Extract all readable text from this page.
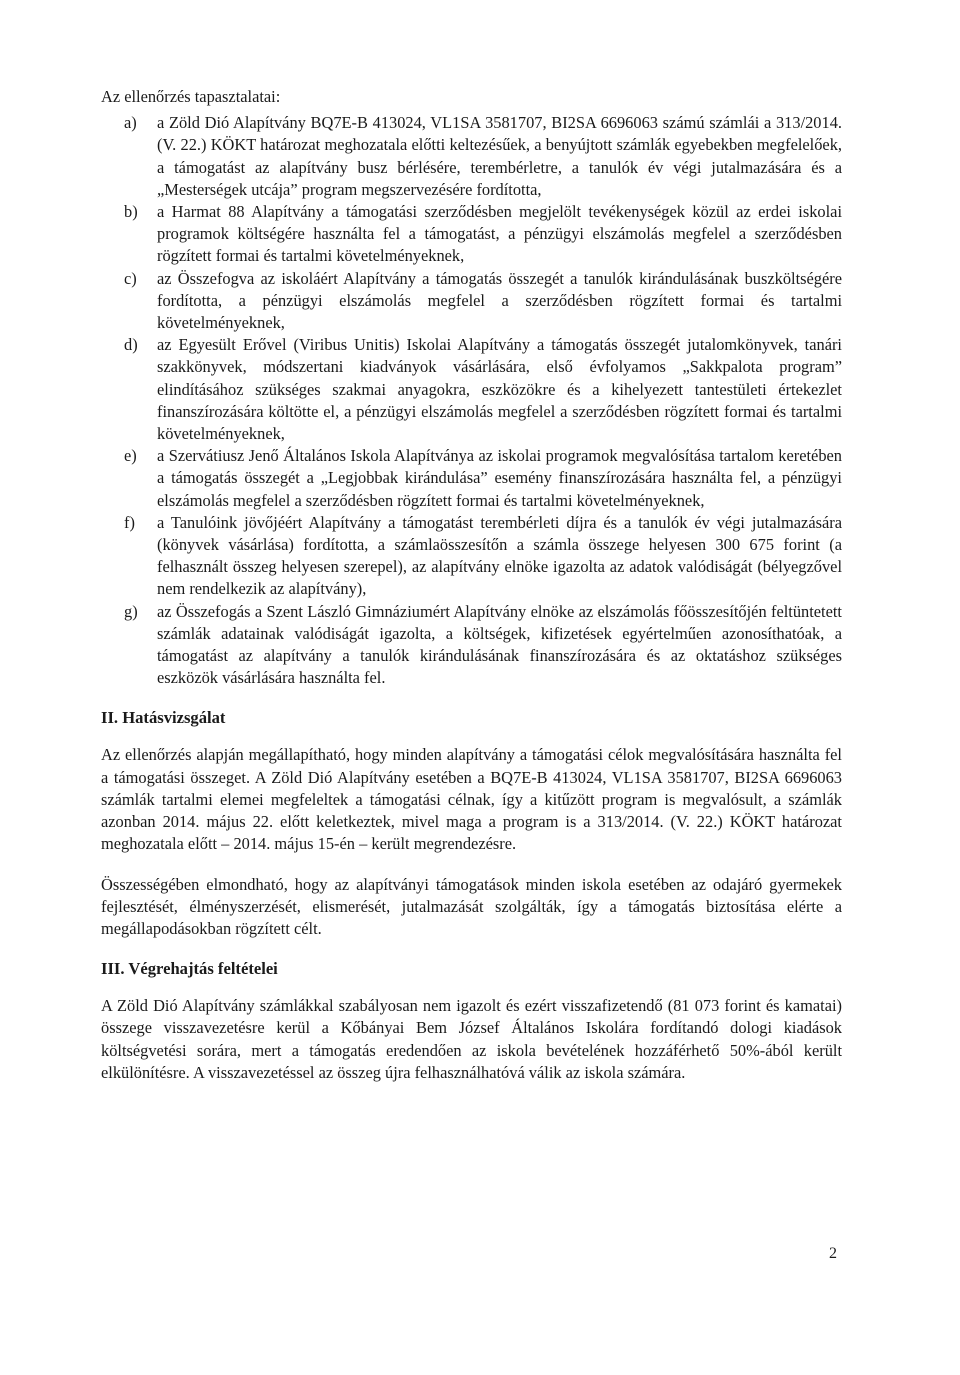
Az ellenőrzés tapasztalatai:

a) a Zöld Dió Alapítvány BQ7E-B 413024, VL1SA 3581707, BI2SA 6696063 számú számlái a 313/2014. (V. 22.) KÖKT határozat meghozatala előtti keltezésűek, a benyújtott számlák egyebekben megfelelőek, a támogatást az alapítvány busz bérlésére, terembérletre, a tanulók év végi jutalmazására és a „Mesterségek utcája” program megszervezésére fordította,
b) a Harmat 88 Alapítvány a támogatási szerződésben megjelölt tevékenységek közül az erdei iskolai programok költségére használta fel a támogatást, a pénzügyi elszámolás megfelel a szerződésben rögzített formai és tartalmi követelményeknek,
c) az Összefogva az iskoláért Alapítvány a támogatás összegét a tanulók kirándulásának buszköltségére fordította, a pénzügyi elszámolás megfelel a szerződésben rögzített formai és tartalmi követelményeknek,
d) az Egyesült Erővel (Viribus Unitis) Iskolai Alapítvány a támogatás összegét jutalomkönyvek, tanári szakkönyvek, módszertani kiadványok vásárlására, első évfolyamos „Sakkpalota program” elindításához szükséges szakmai anyagokra, eszközökre és a kihelyezett tantestületi értekezlet finanszírozására költötte el, a pénzügyi elszámolás megfelel a szerződésben rögzített formai és tartalmi követelményeknek,
e) a Szervátiusz Jenő Általános Iskola Alapítványa az iskolai programok megvalósítása tartalom keretében a támogatás összegét a „Legjobbak kirándulása” esemény finanszírozására használta fel, a pénzügyi elszámolás megfelel a szerződésben rögzített formai és tartalmi követelményeknek,
f) a Tanulóink jövőjéért Alapítvány a támogatást terembérleti díjra és a tanulók év végi jutalmazására (könyvek vásárlása) fordította, a számlaösszesítőn a számla összege helyesen 300 675 forint (a felhasznált összeg helyesen szerepel), az alapítvány elnöke igazolta az adatok valódiságát (bélyegzővel nem rendelkezik az alapítvány),
g) az Összefogás a Szent László Gimnáziumért Alapítvány elnöke az elszámolás főösszesítőjén feltüntetett számlák adatainak valódiságát igazolta, a költségek, kifizetések egyértelműen azonosíthatóak, a támogatást az alapítvány a tanulók kirándulásának finanszírozására és az oktatáshoz szükséges eszközök vásárlására használta fel.
II. Hatásvizsgálat

Az ellenőrzés alapján megállapítható, hogy minden alapítvány a támogatási célok megvalósítására használta fel a támogatási összeget. A Zöld Dió Alapítvány esetében a BQ7E-B 413024, VL1SA 3581707, BI2SA 6696063 számlák tartalmi elemei megfeleltek a támogatási célnak, így a kitűzött program is megvalósult, a számlák azonban 2014. május 22. előtt keletkeztek, mivel maga a program is a 313/2014. (V. 22.) KÖKT határozat meghozatala előtt – 2014. május 15-én – került megrendezésre.

Összességében elmondható, hogy az alapítványi támogatások minden iskola esetében az odajáró gyermekek fejlesztését, élményszerzését, elismerését, jutalmazását szolgálták, így a támogatás biztosítása elérte a megállapodásokban rögzített célt.

III. Végrehajtás feltételei

A Zöld Dió Alapítvány számlákkal szabályosan nem igazolt és ezért visszafizetendő (81 073 forint és kamatai) összege visszavezetésre kerül a Kőbányai Bem József Általános Iskolára fordítandó dologi kiadások költségvetési sorára, mert a támogatás eredendően az iskola bevételének hozzáférhető 50%-ából került elkülönítésre. A visszavezetéssel az összeg újra felhasználhatóvá válik az iskola számára.

2
